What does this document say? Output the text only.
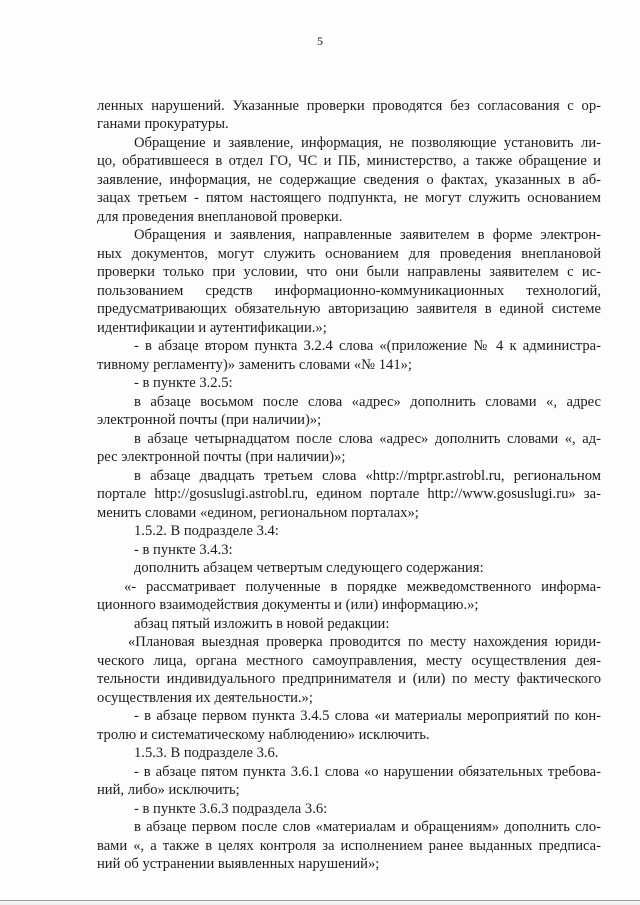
5
ленных нарушений. Указанные проверки проводятся без согласования с ор-
ганами прокуратуры.
Обращение и заявление, информация, не позволяющие установить ли-
цо, обратившееся в отдел ГО, ЧС и ПБ, министерство, а также обращение и
заявление, информация, не содержащие сведения о фактах, указанных в аб-
зацах третьем - пятом настоящего подпункта, не могут служить основанием
для проведения внеплановой проверки.
Обращения и заявления, направленные заявителем в форме электрон-
ных документов, могут служить основанием для проведения внеплановой
проверки только при условии, что они были направлены заявителем с ис-
пользованием средств информационно-коммуникационных технологий,
предусматривающих обязательную авторизацию заявителя в единой системе
идентификации и аутентификации.»;
- в абзаце втором пункта 3.2.4 слова «(приложение № 4 к администра-
тивному регламенту)» заменить словами «№ 141»;
- в пункте 3.2.5:
в абзаце восьмом после слова «адрес» дополнить словами «, адрес
электронной почты (при наличии)»;
в абзаце четырнадцатом после слова «адрес» дополнить словами «, ад-
рес электронной почты (при наличии)»;
в абзаце двадцать третьем слова «http://mptpr.astrobl.ru, региональном
портале http://gosuslugi.astrobl.ru, едином портале http://www.gosuslugi.ru» за-
менить словами «едином, региональном порталах»;
1.5.2. В подразделе 3.4:
- в пункте 3.4.3:
дополнить абзацем четвертым следующего содержания:
«- рассматривает полученные в порядке межведомственного информа-
ционного взаимодействия документы и (или) информацию.»;
абзац пятый изложить в новой редакции:
«Плановая выездная проверка проводится по месту нахождения юриди-
ческого лица, органа местного самоуправления, месту осуществления дея-
тельности индивидуального предпринимателя и (или) по месту фактического
осуществления их деятельности.»;
- в абзаце первом пункта 3.4.5 слова «и материалы мероприятий по кон-
тролю и систематическому наблюдению» исключить.
1.5.3. В подразделе 3.6.
- в абзаце пятом пункта 3.6.1 слова «о нарушении обязательных требова-
ний, либо» исключить;
- в пункте 3.6.3 подраздела 3.6:
в абзаце первом после слов «материалам и обращениям» дополнить сло-
вами «, а также в целях контроля за исполнением ранее выданных предписа-
ний об устранении выявленных нарушений»;
